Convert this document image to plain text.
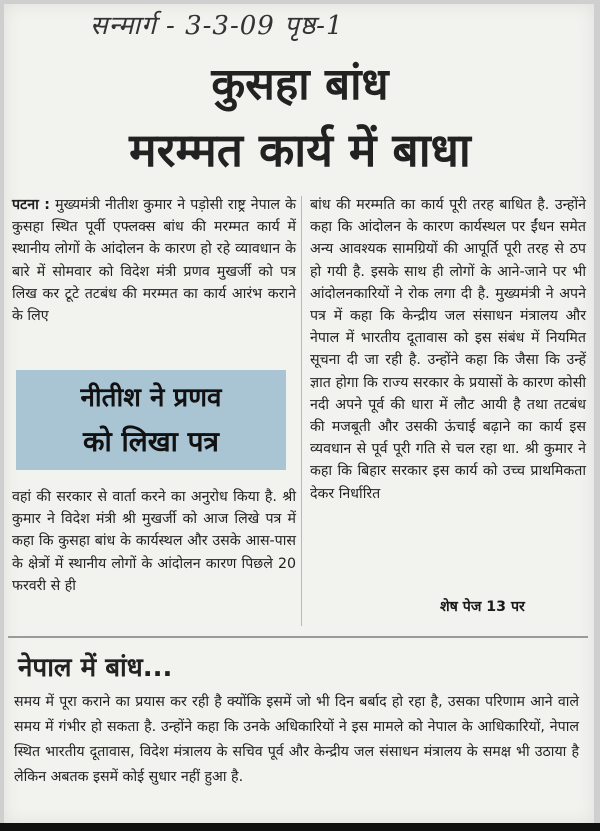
सन्मार्ग - 3-3-09 पृष्ठ-1
कुसहा बांध
मरम्मत कार्य में बाधा

पटना : मुख्यमंत्री नीतीश कुमार ने पड़ोसी राष्ट्र नेपाल के कुसहा स्थित पूर्वी एफ्लक्स बांध की मरम्मत कार्य में स्थानीय लोगों के आंदोलन के कारण हो रहे व्यावधान के बारे में सोमवार को विदेश मंत्री प्रणव मुखर्जी को पत्र लिख कर टूटे तटबंध की मरम्मत का कार्य आरंभ कराने के लिए

नीतीश ने प्रणव
को लिखा पत्र

वहां की सरकार से वार्ता करने का अनुरोध किया है. श्री कुमार ने विदेश मंत्री श्री मुखर्जी को आज लिखे पत्र में कहा कि कुसहा बांध के कार्यस्थल और उसके आस-पास के क्षेत्रों में स्थानीय लोगों के आंदोलन कारण पिछले 20 फरवरी से ही

बांध की मरम्मति का कार्य पूरी तरह बाधित है. उन्होंने कहा कि आंदोलन के कारण कार्यस्थल पर ईंधन समेत अन्य आवश्यक सामग्रियों की आपूर्ति पूरी तरह से ठप हो गयी है. इसके साथ ही लोगों के आने-जाने पर भी आंदोलनकारियों ने रोक लगा दी है. मुख्यमंत्री ने अपने पत्र में कहा कि केन्द्रीय जल संसाधन मंत्रालय और नेपाल में भारतीय दूतावास को इस संबंध में नियमित सूचना दी जा रही है. उन्होंने कहा कि जैसा कि उन्हें ज्ञात होगा कि राज्य सरकार के प्रयासों के कारण कोसी नदी अपने पूर्व की धारा में लौट आयी है तथा तटबंध की मजबूती और उसकी ऊंचाई बढ़ाने का कार्य इस व्यवधान से पूर्व पूरी गति से चल रहा था. श्री कुमार ने कहा कि बिहार सरकार इस कार्य को उच्च प्राथमिकता देकर निर्धारित

शेष पेज 13 पर
नेपाल में बांध...
समय में पूरा कराने का प्रयास कर रही है क्योंकि इसमें जो भी दिन बर्बाद हो रहा है, उसका परिणाम आने वाले समय में गंभीर हो सकता है. उन्होंने कहा कि उनके अधिकारियों ने इस मामले को नेपाल के आधिकारियों, नेपाल स्थित भारतीय दूतावास, विदेश मंत्रालय के सचिव पूर्व और केन्द्रीय जल संसाधन मंत्रालय के समक्ष भी उठाया है लेकिन अबतक इसमें कोई सुधार नहीं हुआ है.
